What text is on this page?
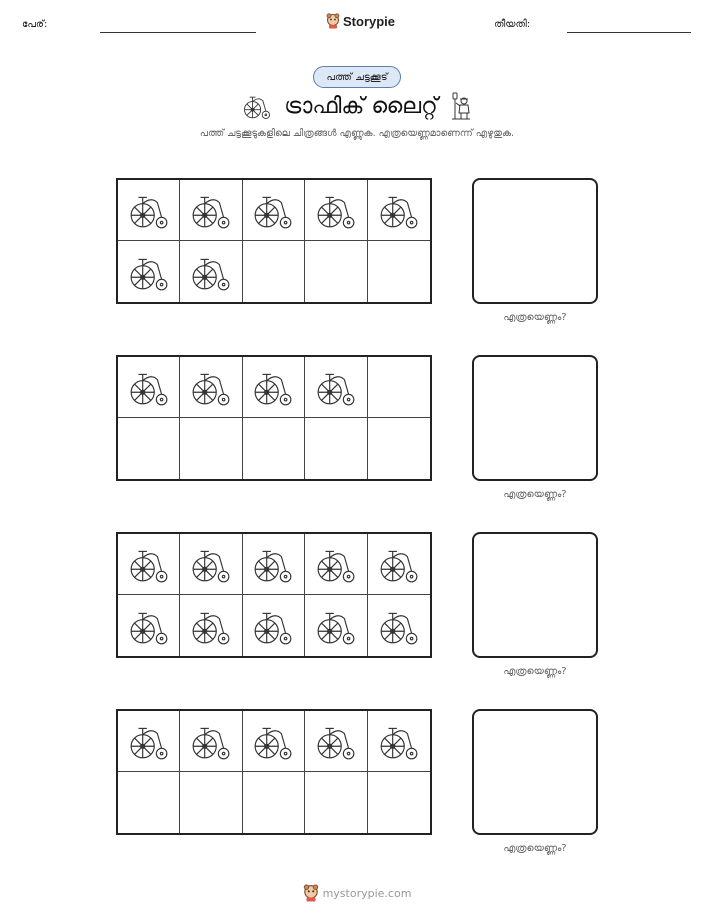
പേര്:	Storypie	തീയതി:
പത്ത് ചട്ടക്കൂട്
ട്രാഫിക് ലൈറ്റ്
പത്ത് ചട്ടക്കൂടുകളിലെ ചിത്രങ്ങൾ എണ്ണുക. എത്രയെണ്ണമാണെന്ന് എഴുതുക.
എത്രയെണ്ണം?
എത്രയെണ്ണം?
എത്രയെണ്ണം?
എത്രയെണ്ണം?
mystorypie.com
